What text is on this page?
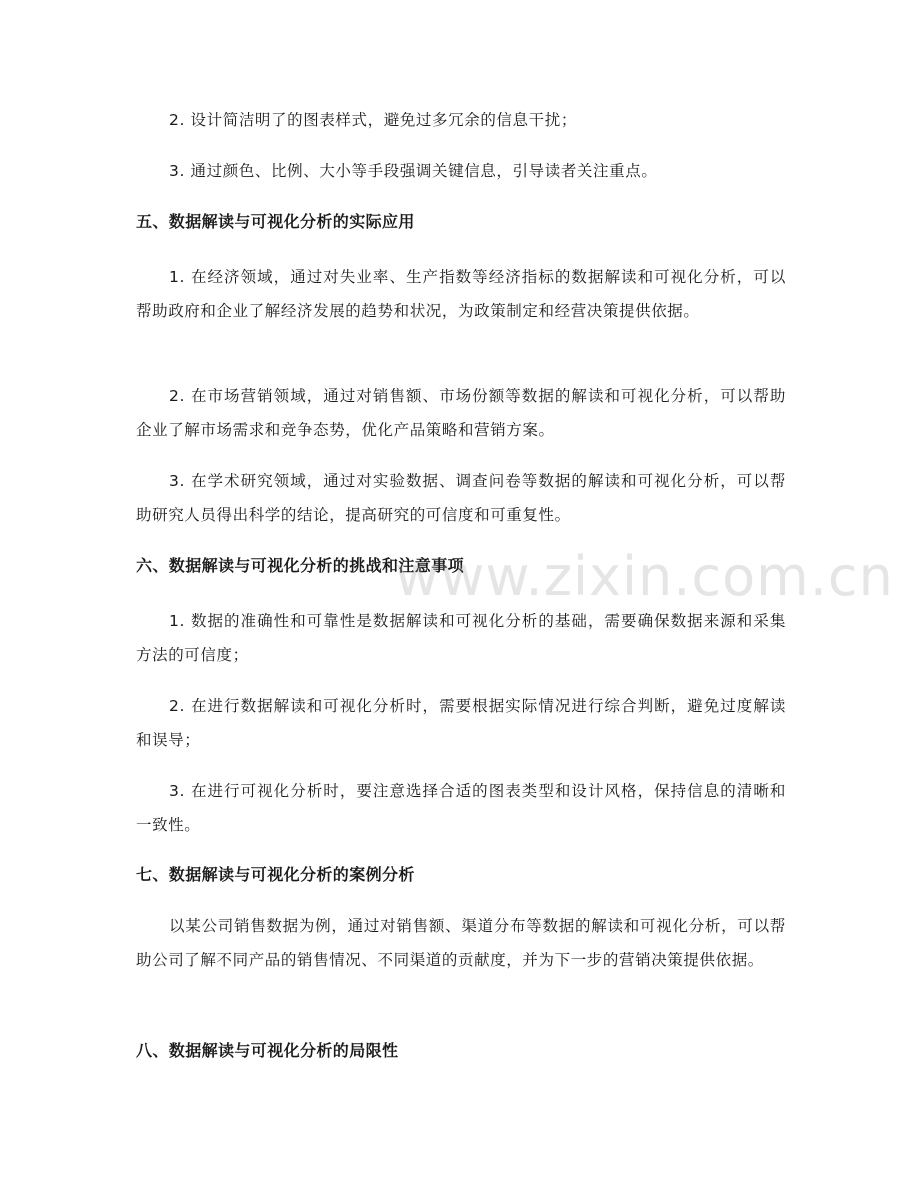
2. 设计简洁明了的图表样式，避免过多冗余的信息干扰；
3. 通过颜色、比例、大小等手段强调关键信息，引导读者关注重点。
五、数据解读与可视化分析的实际应用
1. 在经济领域，通过对失业率、生产指数等经济指标的数据解读和可视化分析，可以帮助政府和企业了解经济发展的趋势和状况，为政策制定和经营决策提供依据。
2. 在市场营销领域，通过对销售额、市场份额等数据的解读和可视化分析，可以帮助企业了解市场需求和竞争态势，优化产品策略和营销方案。
3. 在学术研究领域，通过对实验数据、调查问卷等数据的解读和可视化分析，可以帮助研究人员得出科学的结论，提高研究的可信度和可重复性。
六、数据解读与可视化分析的挑战和注意事项
1. 数据的准确性和可靠性是数据解读和可视化分析的基础，需要确保数据来源和采集方法的可信度；
2. 在进行数据解读和可视化分析时，需要根据实际情况进行综合判断，避免过度解读和误导；
3. 在进行可视化分析时，要注意选择合适的图表类型和设计风格，保持信息的清晰和一致性。
七、数据解读与可视化分析的案例分析
以某公司销售数据为例，通过对销售额、渠道分布等数据的解读和可视化分析，可以帮助公司了解不同产品的销售情况、不同渠道的贡献度，并为下一步的营销决策提供依据。
八、数据解读与可视化分析的局限性
www.zixin.com.cn
